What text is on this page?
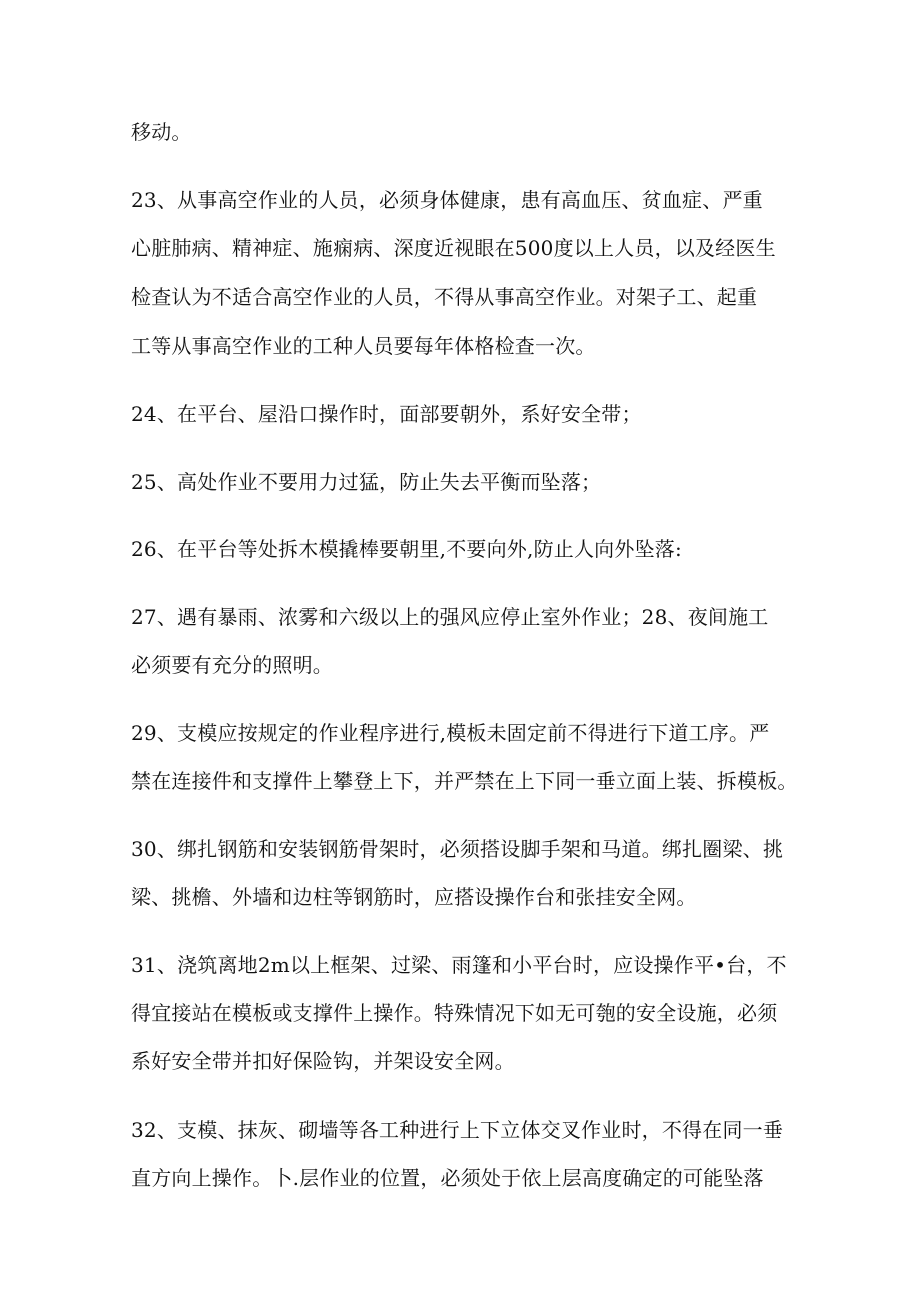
移动。
23、从事高空作业的人员，必须身体健康，患有高血压、贫血症、严重
心脏肺病、精神症、施痫病、深度近视眼在500度以上人员，以及经医生
检查认为不适合高空作业的人员，不得从事高空作业。对架子工、起重
工等从事高空作业的工种人员要每年体格检查一次。
24、在平台、屋沿口操作时，面部要朝外，系好安全带；
25、高处作业不要用力过猛，防止失去平衡而坠落；
26、在平台等处拆木模撬棒要朝里,不要向外,防止人向外坠落:
27、遇有暴雨、浓雾和六级以上的强风应停止室外作业；28、夜间施工
必须要有充分的照明。
29、支模应按规定的作业程序进行,模板未固定前不得进行下道工序。严
禁在连接件和支撑件上攀登上下，并严禁在上下同一垂立面上装、拆模板。
30、绑扎钢筋和安装钢筋骨架时，必须搭设脚手架和马道。绑扎圈梁、挑
梁、挑檐、外墙和边柱等钢筋时，应搭设操作台和张挂安全网。
31、浇筑离地2m以上框架、过梁、雨篷和小平台时，应设操作平•台，不
得宜接站在模板或支撑件上操作。特殊情况下如无可匏的安全设施，必须
系好安全带并扣好保险钩，并架设安全网。
32、支模、抹灰、砌墙等各工种进行上下立体交叉作业时，不得在同一垂
直方向上操作。卜.层作业的位置，必须处于依上层高度确定的可能坠落
